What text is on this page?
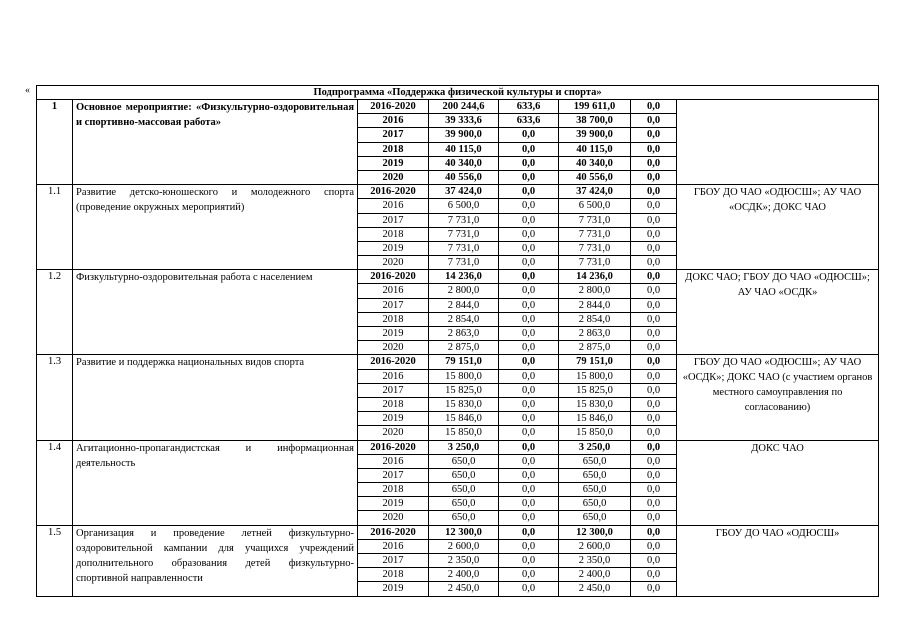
«	Подпрограмма «Поддержка физической культуры и спорта»							
1	Основное мероприятие: «Физкультурно-оздоровительная и спортивно-массовая работа»	2016-2020	200 244,6	633,6	199 611,0	0,0	
		2016	39 333,6	633,6	38 700,0	0,0	
		2017	39 900,0	0,0	39 900,0	0,0	
		2018	40 115,0	0,0	40 115,0	0,0	
		2019	40 340,0	0,0	40 340,0	0,0	
		2020	40 556,0	0,0	40 556,0	0,0	
1.1	Развитие детско-юношеского и молодежного спорта (проведение окружных мероприятий)	2016-2020	37 424,0	0,0	37 424,0	0,0	ГБОУ ДО ЧАО «ОДЮСШ»; АУ ЧАО «ОСДК»; ДОКС ЧАО
		2016	6 500,0	0,0	6 500,0	0,0	
		2017	7 731,0	0,0	7 731,0	0,0	
		2018	7 731,0	0,0	7 731,0	0,0	
		2019	7 731,0	0,0	7 731,0	0,0	
		2020	7 731,0	0,0	7 731,0	0,0	
1.2	Физкультурно-оздоровительная работа с населением	2016-2020	14 236,0	0,0	14 236,0	0,0	ДОКС ЧАО; ГБОУ ДО ЧАО «ОДЮСШ»; АУ ЧАО «ОСДК»
		2016	2 800,0	0,0	2 800,0	0,0	
		2017	2 844,0	0,0	2 844,0	0,0	
		2018	2 854,0	0,0	2 854,0	0,0	
		2019	2 863,0	0,0	2 863,0	0,0	
		2020	2 875,0	0,0	2 875,0	0,0	
1.3	Развитие и поддержка национальных видов спорта	2016-2020	79 151,0	0,0	79 151,0	0,0	ГБОУ ДО ЧАО «ОДЮСШ»; АУ ЧАО «ОСДК»; ДОКС ЧАО (с участием органов местного самоуправления по согласованию)
		2016	15 800,0	0,0	15 800,0	0,0	
		2017	15 825,0	0,0	15 825,0	0,0	
		2018	15 830,0	0,0	15 830,0	0,0	
		2019	15 846,0	0,0	15 846,0	0,0	
		2020	15 850,0	0,0	15 850,0	0,0	
1.4	Агитационно-пропагандистская и информационная деятельность	2016-2020	3 250,0	0,0	3 250,0	0,0	ДОКС ЧАО
		2016	650,0	0,0	650,0	0,0	
		2017	650,0	0,0	650,0	0,0	
		2018	650,0	0,0	650,0	0,0	
		2019	650,0	0,0	650,0	0,0	
		2020	650,0	0,0	650,0	0,0	
1.5	Организация и проведение летней физкультурно-оздоровительной кампании для учащихся учреждений дополнительного образования детей физкультурно-спортивной направленности	2016-2020	12 300,0	0,0	12 300,0	0,0	ГБОУ ДО ЧАО «ОДЮСШ»
		2016	2 600,0	0,0	2 600,0	0,0	
		2017	2 350,0	0,0	2 350,0	0,0	
		2018	2 400,0	0,0	2 400,0	0,0	
		2019	2 450,0	0,0	2 450,0	0,0	
